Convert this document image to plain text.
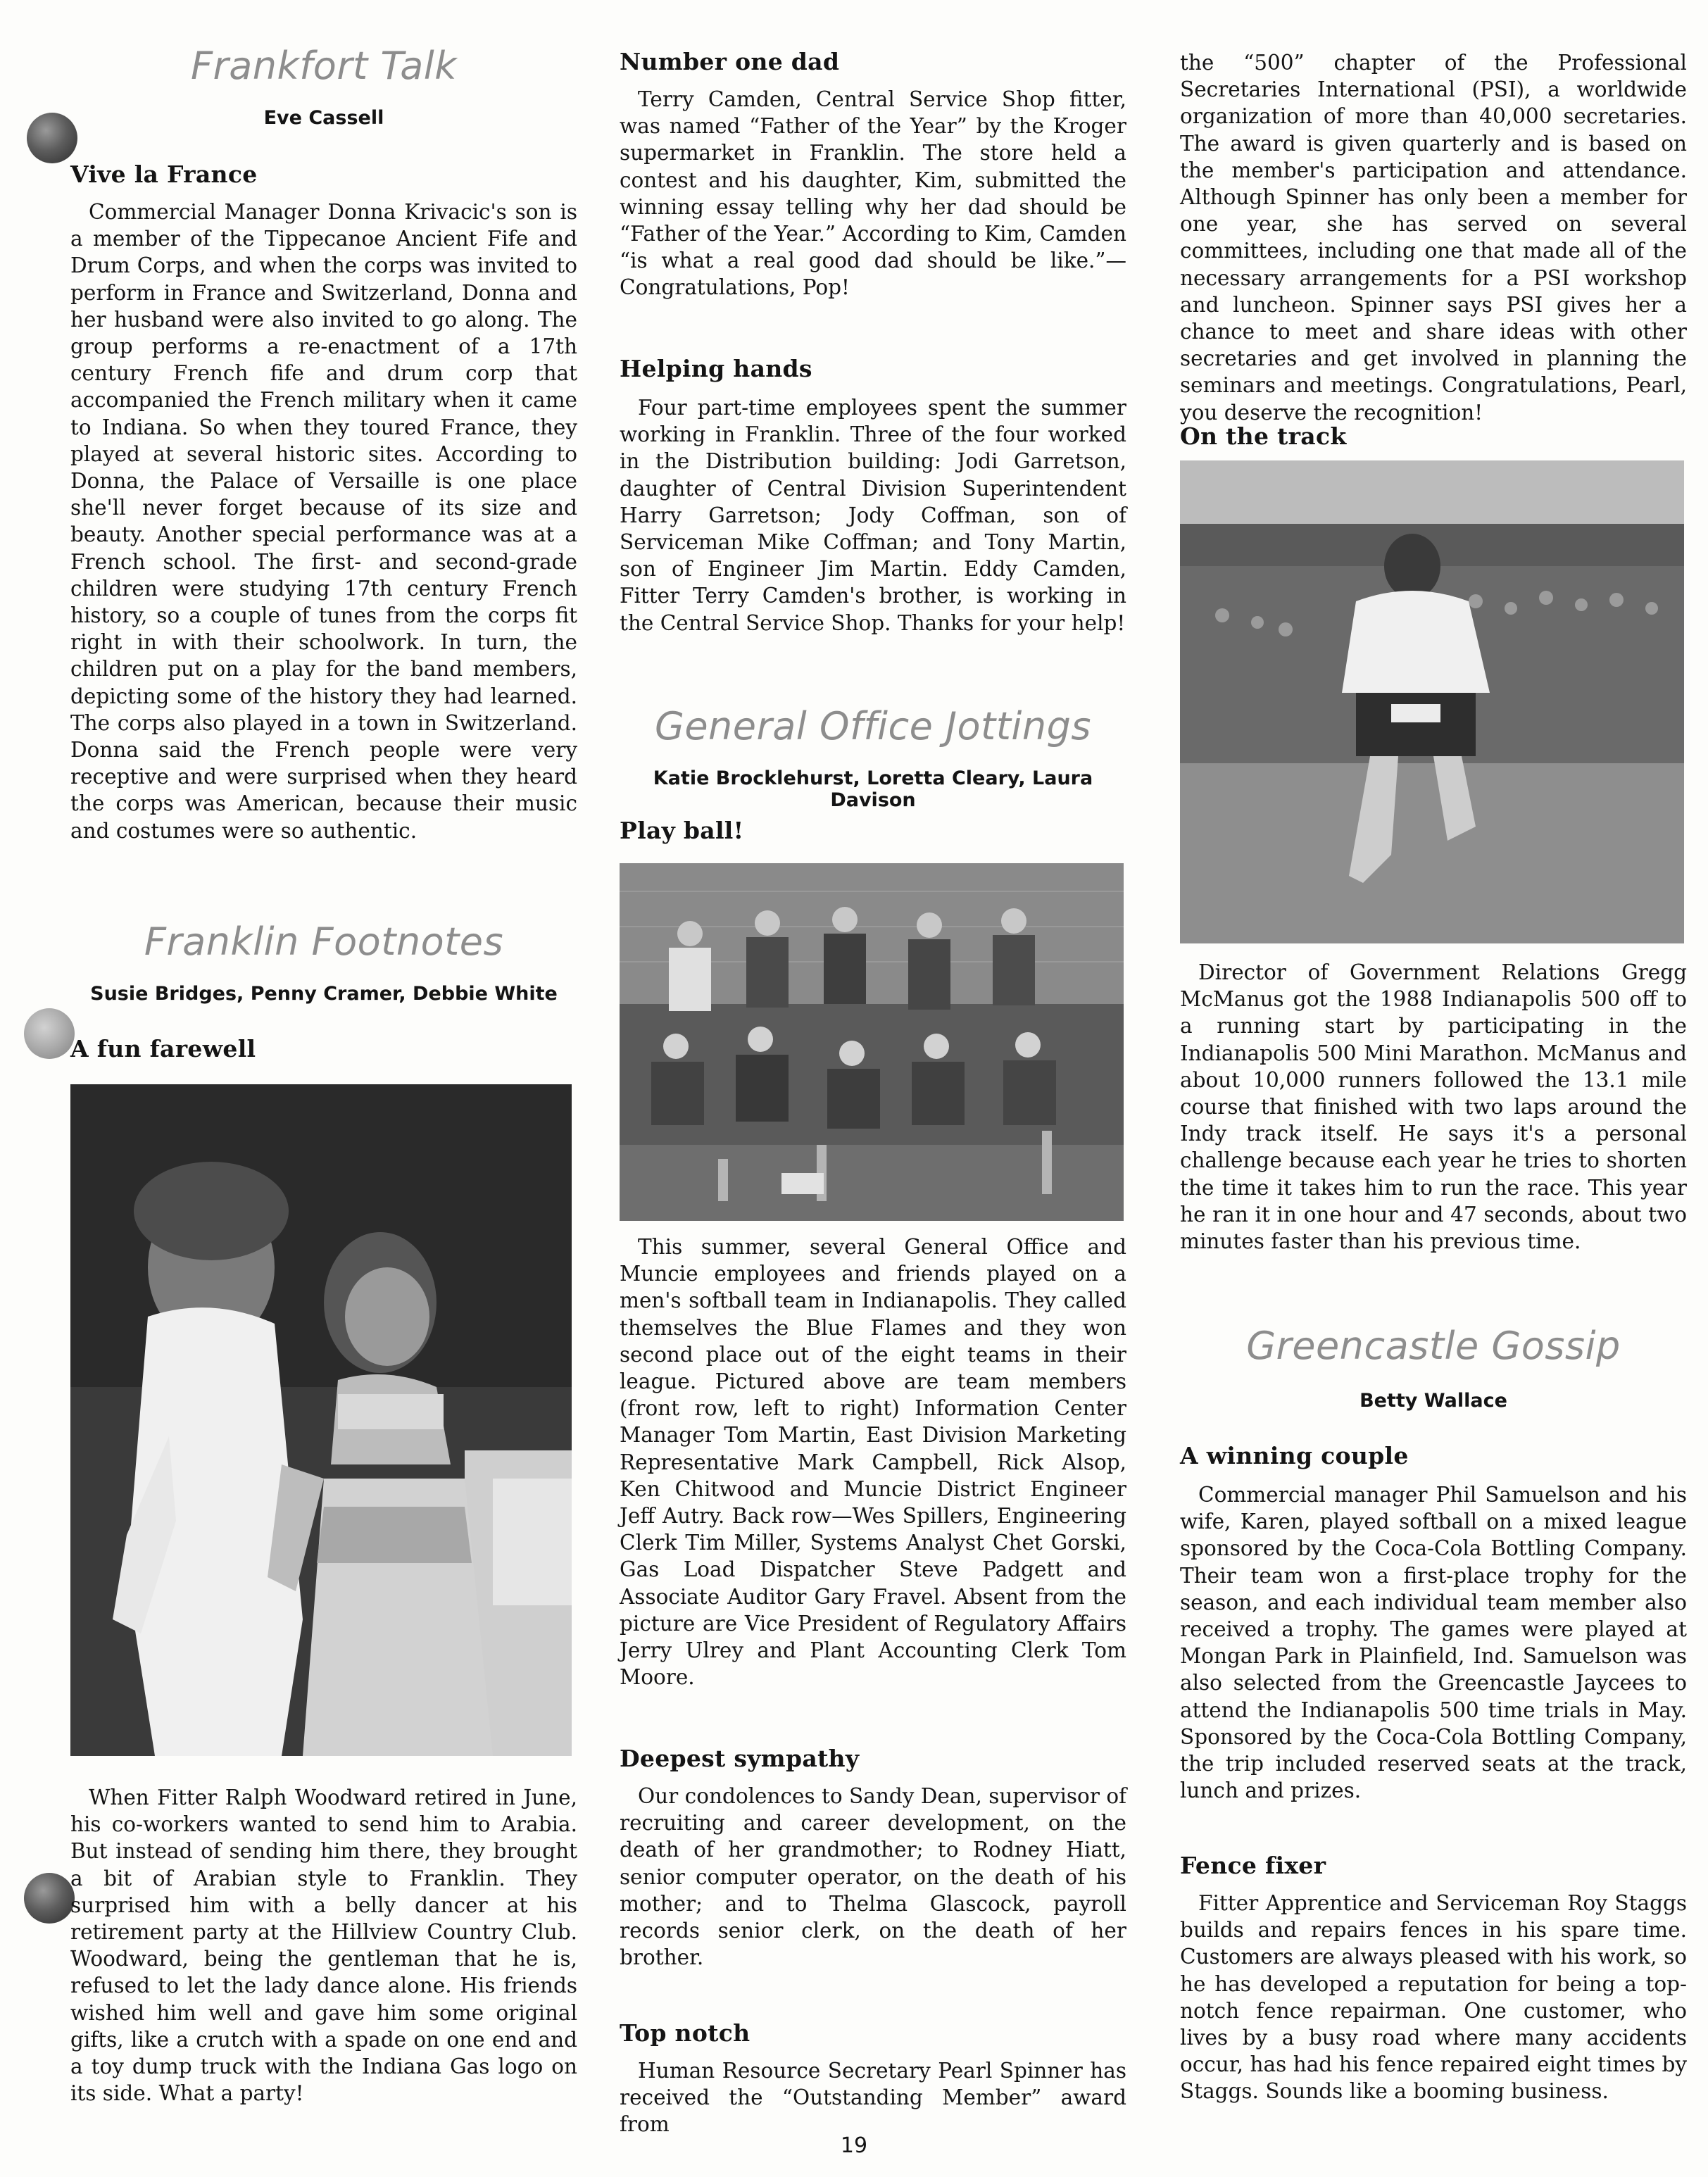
Frankfort Talk
Eve Cassell
Vive la France

Commercial Manager Donna Krivacic's son is a member of the Tippecanoe Ancient Fife and Drum Corps, and when the corps was invited to perform in France and Switzerland, Donna and her husband were also invited to go along. The group performs a re-enactment of a 17th century French fife and drum corp that accompanied the French military when it came to Indiana. So when they toured France, they played at several historic sites. According to Donna, the Palace of Versaille is one place she'll never forget because of its size and beauty. Another special performance was at a French school. The first- and second-grade children were studying 17th century French history, so a couple of tunes from the corps fit right in with their schoolwork. In turn, the children put on a play for the band members, depicting some of the history they had learned. The corps also played in a town in Switzerland. Donna said the French people were very receptive and were surprised when they heard the corps was American, because their music and costumes were so authentic.

Franklin Footnotes
Susie Bridges, Penny Cramer, Debbie White
A fun farewell

When Fitter Ralph Woodward retired in June, his co-workers wanted to send him to Arabia. But instead of sending him there, they brought a bit of Arabian style to Franklin. They surprised him with a belly dancer at his retirement party at the Hillview Country Club. Woodward, being the gentleman that he is, refused to let the lady dance alone. His friends wished him well and gave him some original gifts, like a crutch with a spade on one end and a toy dump truck with the Indiana Gas logo on its side. What a party!

Number one dad

Terry Camden, Central Service Shop fitter, was named “Father of the Year” by the Kroger supermarket in Franklin. The store held a contest and his daughter, Kim, submitted the winning essay telling why her dad should be “Father of the Year.” According to Kim, Camden “is what a real good dad should be like.”— Congratulations, Pop!

Helping hands

Four part-time employees spent the summer working in Franklin. Three of the four worked in the Distribution building: Jodi Garretson, daughter of Central Division Superintendent Harry Garretson; Jody Coffman, son of Serviceman Mike Coffman; and Tony Martin, son of Engineer Jim Martin. Eddy Camden, Fitter Terry Camden's brother, is working in the Central Service Shop. Thanks for your help!

General Office Jottings
Katie Brocklehurst, Loretta Cleary, Laura Davison
Play ball!

This summer, several General Office and Muncie employees and friends played on a men's softball team in Indianapolis. They called themselves the Blue Flames and they won second place out of the eight teams in their league. Pictured above are team members (front row, left to right) Information Center Manager Tom Martin, East Division Marketing Representative Mark Campbell, Rick Alsop, Ken Chitwood and Muncie District Engineer Jeff Autry. Back row—Wes Spillers, Engineering Clerk Tim Miller, Systems Analyst Chet Gorski, Gas Load Dispatcher Steve Padgett and Associate Auditor Gary Fravel. Absent from the picture are Vice President of Regulatory Affairs Jerry Ulrey and Plant Accounting Clerk Tom Moore.

Deepest sympathy

Our condolences to Sandy Dean, supervisor of recruiting and career development, on the death of her grandmother; to Rodney Hiatt, senior computer operator, on the death of his mother; and to Thelma Glascock, payroll records senior clerk, on the death of her brother.

Top notch

Human Resource Secretary Pearl Spinner has received the “Outstanding Member” award from

the “500” chapter of the Professional Secretaries International (PSI), a worldwide organization of more than 40,000 secretaries. The award is given quarterly and is based on the member's participation and attendance. Although Spinner has only been a member for one year, she has served on several committees, including one that made all of the necessary arrangements for a PSI workshop and luncheon. Spinner says PSI gives her a chance to meet and share ideas with other secretaries and get involved in planning the seminars and meetings. Congratulations, Pearl, you deserve the recognition!

On the track

Director of Government Relations Gregg McManus got the 1988 Indianapolis 500 off to a running start by participating in the Indianapolis 500 Mini Marathon. McManus and about 10,000 runners followed the 13.1 mile course that finished with two laps around the Indy track itself. He says it's a personal challenge because each year he tries to shorten the time it takes him to run the race. This year he ran it in one hour and 47 seconds, about two minutes faster than his previous time.

Greencastle Gossip
Betty Wallace
A winning couple

Commercial manager Phil Samuelson and his wife, Karen, played softball on a mixed league sponsored by the Coca-Cola Bottling Company. Their team won a first-place trophy for the season, and each individual team member also received a trophy. The games were played at Mongan Park in Plainfield, Ind. Samuelson was also selected from the Greencastle Jaycees to attend the Indianapolis 500 time trials in May. Sponsored by the Coca-Cola Bottling Company, the trip included reserved seats at the track, lunch and prizes.

Fence fixer

Fitter Apprentice and Serviceman Roy Staggs builds and repairs fences in his spare time. Customers are always pleased with his work, so he has developed a reputation for being a top-notch fence repairman. One customer, who lives by a busy road where many accidents occur, has had his fence repaired eight times by Staggs. Sounds like a booming business.

19
